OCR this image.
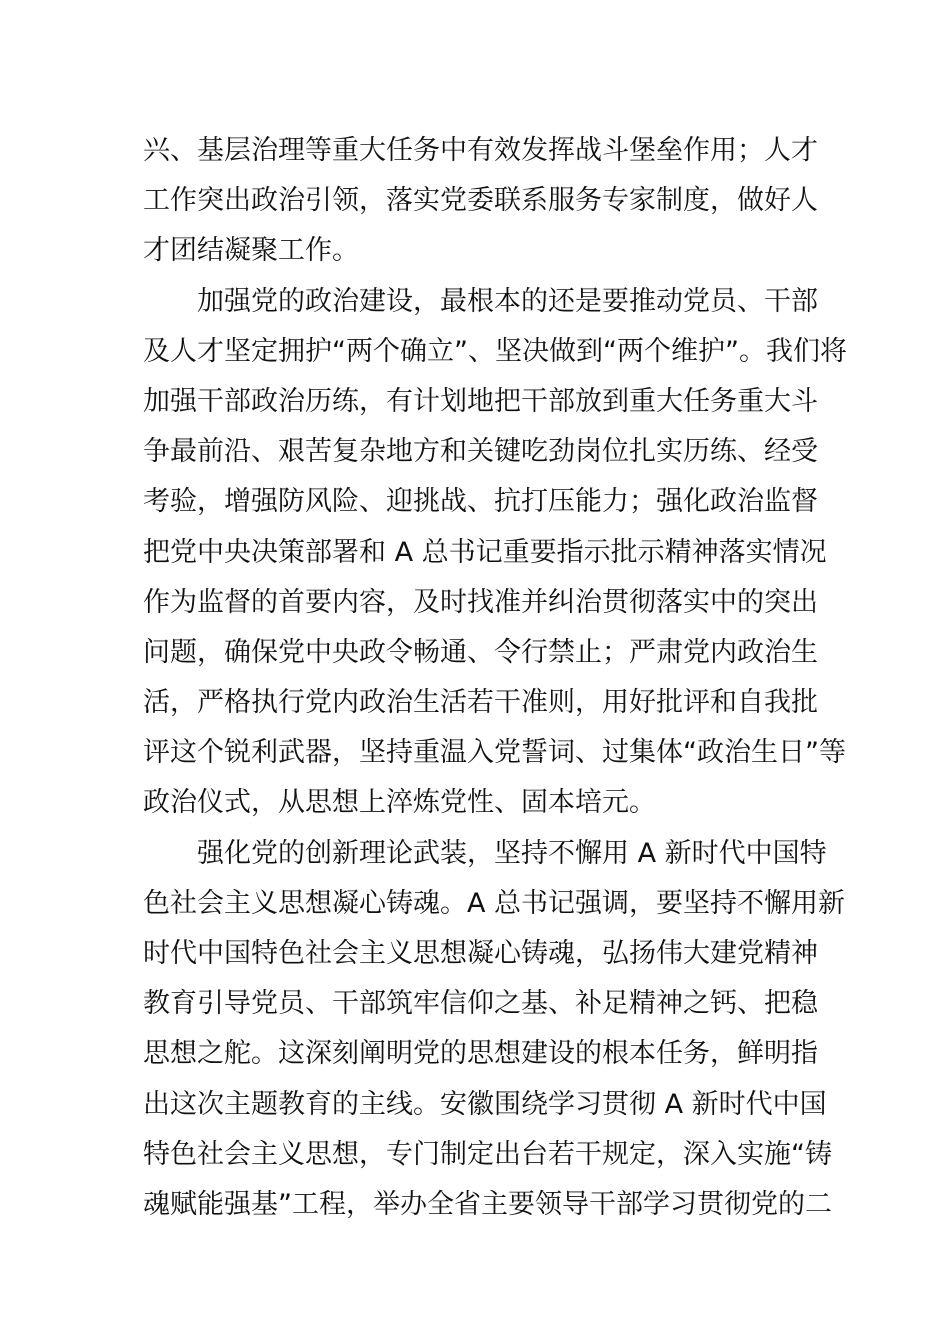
兴、基层治理等重大任务中有效发挥战斗堡垒作用；人才
工作突出政治引领，落实党委联系服务专家制度，做好人
才团结凝聚工作。
　　加强党的政治建设，最根本的还是要推动党员、干部
及人才坚定拥护“两个确立”、坚决做到“两个维护”。我们将
加强干部政治历练，有计划地把干部放到重大任务重大斗
争最前沿、艰苦复杂地方和关键吃劲岗位扎实历练、经受
考验，增强防风险、迎挑战、抗打压能力；强化政治监督
把党中央决策部署和 A 总书记重要指示批示精神落实情况
作为监督的首要内容，及时找准并纠治贯彻落实中的突出
问题，确保党中央政令畅通、令行禁止；严肃党内政治生
活，严格执行党内政治生活若干准则，用好批评和自我批
评这个锐利武器，坚持重温入党誓词、过集体“政治生日”等
政治仪式，从思想上淬炼党性、固本培元。
　　强化党的创新理论武装，坚持不懈用 A 新时代中国特
色社会主义思想凝心铸魂。A 总书记强调，要坚持不懈用新
时代中国特色社会主义思想凝心铸魂，弘扬伟大建党精神
教育引导党员、干部筑牢信仰之基、补足精神之钙、把稳
思想之舵。这深刻阐明党的思想建设的根本任务，鲜明指
出这次主题教育的主线。安徽围绕学习贯彻 A 新时代中国
特色社会主义思想，专门制定出台若干规定，深入实施“铸
魂赋能强基”工程，举办全省主要领导干部学习贯彻党的二
